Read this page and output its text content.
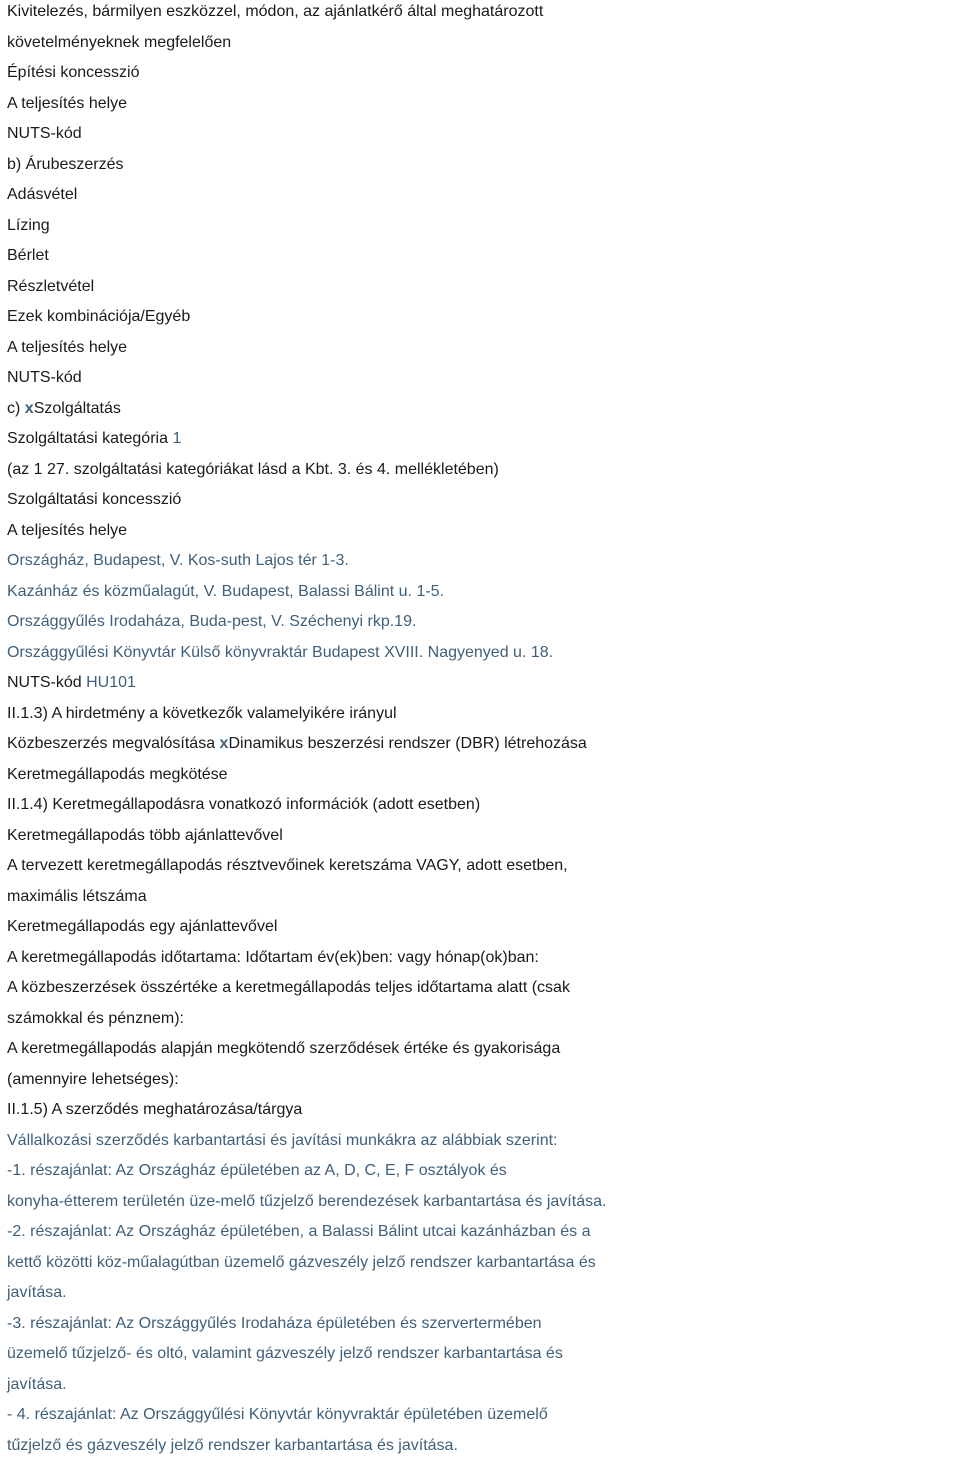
Kivitelezés, bármilyen eszközzel, módon, az ajánlatkérő által meghatározott
követelményeknek megfelelően
Építési koncesszió
A teljesítés helye
NUTS-kód
b) Árubeszerzés
Adásvétel
Lízing
Bérlet
Részletvétel
Ezek kombinációja/Egyéb
A teljesítés helye
NUTS-kód
c) xSzolgáltatás
Szolgáltatási kategória 1
(az 1 27. szolgáltatási kategóriákat lásd a Kbt. 3. és 4. mellékletében)
Szolgáltatási koncesszió
A teljesítés helye
Országház, Budapest, V. Kos-suth Lajos tér 1-3.
Kazánház és közműalagút, V. Budapest, Balassi Bálint u. 1-5.
Országgyűlés Irodaháza, Buda-pest, V. Széchenyi rkp.19.
Országgyűlési Könyvtár Külső könyvraktár Budapest XVIII. Nagyenyed u. 18.
NUTS-kód HU101
II.1.3) A hirdetmény a következők valamelyikére irányul
Közbeszerzés megvalósítása xDinamikus beszerzési rendszer (DBR) létrehozása
Keretmegállapodás megkötése
II.1.4) Keretmegállapodásra vonatkozó információk (adott esetben)
Keretmegállapodás több ajánlattevővel
A tervezett keretmegállapodás résztvevőinek keretszáma VAGY, adott esetben,
maximális létszáma
Keretmegállapodás egy ajánlattevővel
A keretmegállapodás időtartama: Időtartam év(ek)ben: vagy hónap(ok)ban:
A közbeszerzések összértéke a keretmegállapodás teljes időtartama alatt (csak
számokkal és pénznem):
A keretmegállapodás alapján megkötendő szerződések értéke és gyakorisága
(amennyire lehetséges):
II.1.5) A szerződés meghatározása/tárgya
Vállalkozási szerződés karbantartási és javítási munkákra az alábbiak szerint:
-1. részajánlat: Az Országház épületében az A, D, C, E, F osztályok és
konyha-étterem területén üze-melő tűzjelző berendezések karbantartása és javítása.
-2. részajánlat: Az Országház épületében, a Balassi Bálint utcai kazánházban és a
kettő közötti köz-műalagútban üzemelő gázveszély jelző rendszer karbantartása és
javítása.
-3. részajánlat: Az Országgyűlés Irodaháza épületében és szervertermében
üzemelő tűzjelző- és oltó, valamint gázveszély jelző rendszer karbantartása és
javítása.
- 4. részajánlat: Az Országgyűlési Könyvtár könyvraktár épületében üzemelő
tűzjelző és gázveszély jelző rendszer karbantartása és javítása.
